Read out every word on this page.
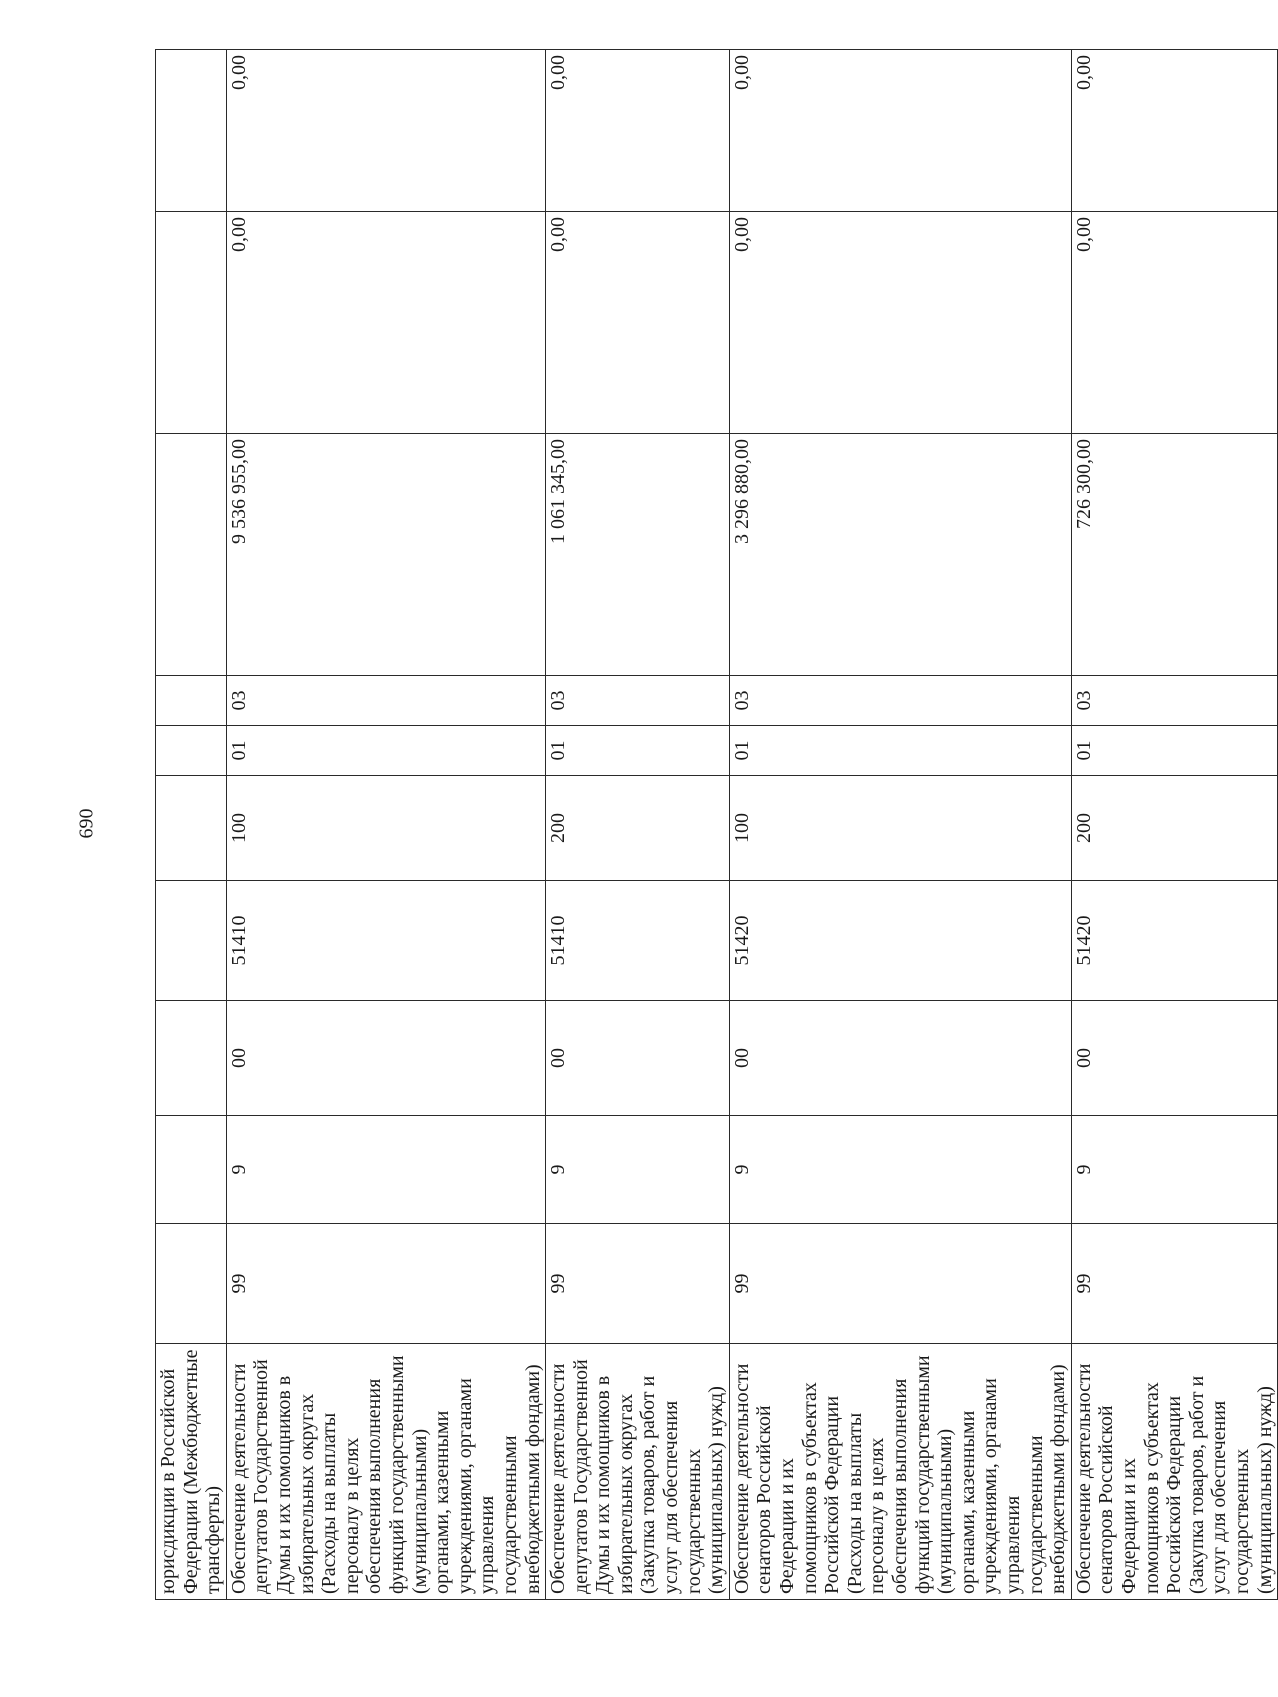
690
юрисдикции в Российской Федерации (Межбюджетные трансферты)										
Обеспечение деятельности депутатов Государственной Думы и их помощников в избирательных округах (Расходы на выплаты персоналу в целях обеспечения выполнения функций государственными (муниципальными) органами, казенными учреждениями, органами управления государственными внебюджетными фондами)	99	9	00	51410	100	01	03	9 536 955,00	0,00	0,00
Обеспечение деятельности депутатов Государственной Думы и их помощников в избирательных округах (Закупка товаров, работ и услуг для обеспечения государственных (муниципальных) нужд)	99	9	00	51410	200	01	03	1 061 345,00	0,00	0,00
Обеспечение деятельности сенаторов Российской Федерации и их помощников в субъектах Российской Федерации (Расходы на выплаты персоналу в целях обеспечения выполнения функций государственными (муниципальными) органами, казенными учреждениями, органами управления государственными внебюджетными фондами)	99	9	00	51420	100	01	03	3 296 880,00	0,00	0,00
Обеспечение деятельности сенаторов Российской Федерации и их помощников в субъектах Российской Федерации (Закупка товаров, работ и услуг для обеспечения государственных (муниципальных) нужд)	99	9	00	51420	200	01	03	726 300,00	0,00	0,00
